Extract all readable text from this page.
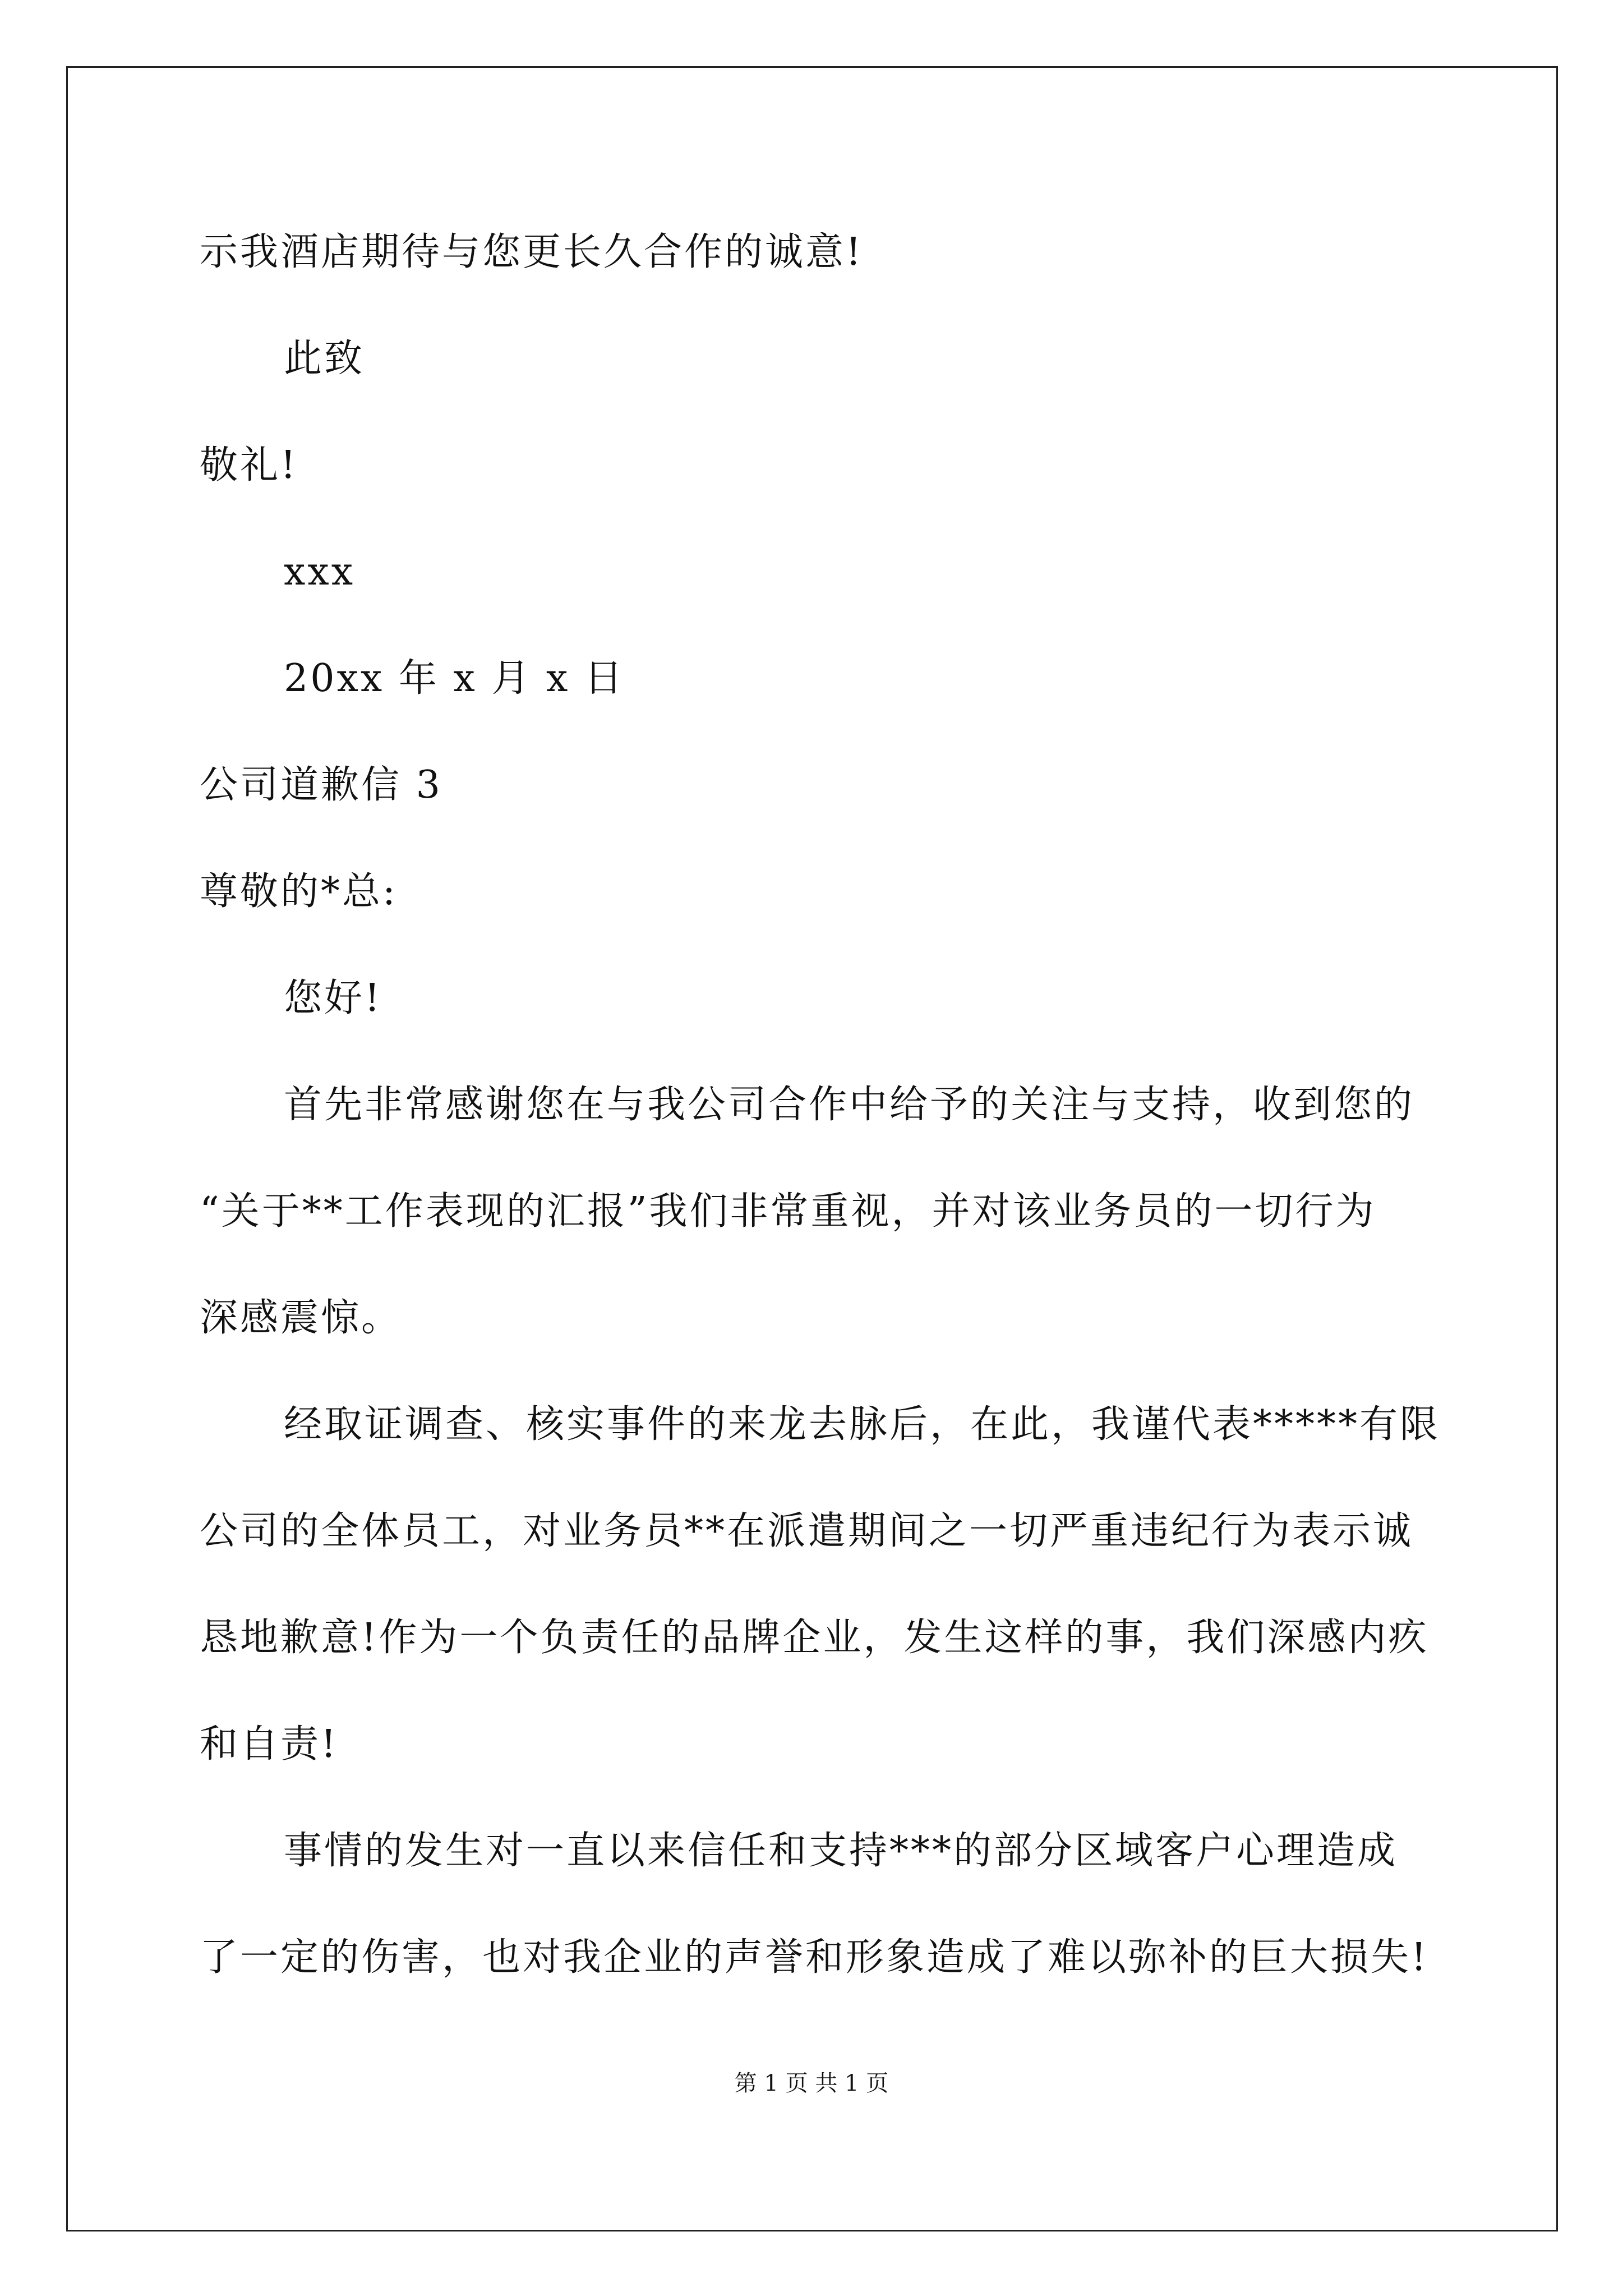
示我酒店期待与您更长久合作的诚意!

此致

敬礼!

xxx

20xx 年 x 月 x 日

公司道歉信 3

尊敬的*总:

您好!

首先非常感谢您在与我公司合作中给予的关注与支持，收到您的

“关于**工作表现的汇报”我们非常重视，并对该业务员的一切行为

深感震惊。

经取证调查、核实事件的来龙去脉后，在此，我谨代表*****有限

公司的全体员工，对业务员**在派遣期间之一切严重违纪行为表示诚

恳地歉意!作为一个负责任的品牌企业，发生这样的事，我们深感内疚

和自责!

事情的发生对一直以来信任和支持***的部分区域客户心理造成

了一定的伤害，也对我企业的声誉和形象造成了难以弥补的巨大损失!

第 1 页 共 1 页
